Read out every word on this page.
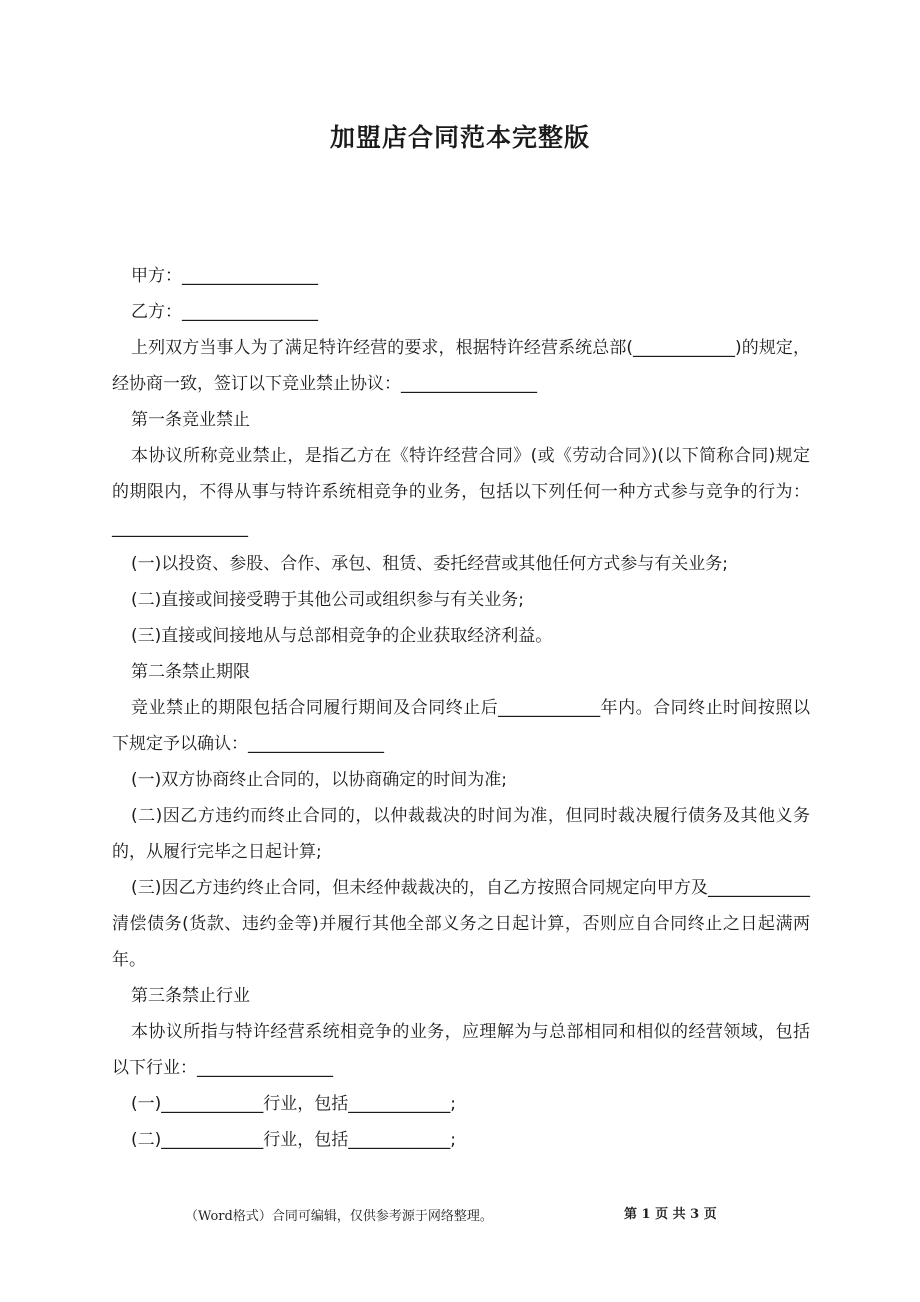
加盟店合同范本完整版

甲方：________________

乙方：________________

上列双方当事人为了满足特许经营的要求，根据特许经营系统总部(____________)的规定，经协商一致，签订以下竞业禁止协议：________________

第一条竞业禁止

本协议所称竞业禁止，是指乙方在《特许经营合同》(或《劳动合同》)(以下简称合同)规定的期限内，不得从事与特许系统相竞争的业务，包括以下列任何一种方式参与竞争的行为：________________

(一)以投资、参股、合作、承包、租赁、委托经营或其他任何方式参与有关业务;

(二)直接或间接受聘于其他公司或组织参与有关业务;

(三)直接或间接地从与总部相竞争的企业获取经济利益。

第二条禁止期限

竞业禁止的期限包括合同履行期间及合同终止后____________年内。合同终止时间按照以下规定予以确认：________________

(一)双方协商终止合同的，以协商确定的时间为准;

(二)因乙方违约而终止合同的，以仲裁裁决的时间为准，但同时裁决履行债务及其他义务的，从履行完毕之日起计算;

(三)因乙方违约终止合同，但未经仲裁裁决的，自乙方按照合同规定向甲方及____________清偿债务(货款、违约金等)并履行其他全部义务之日起计算，否则应自合同终止之日起满两年。

第三条禁止行业

本协议所指与特许经营系统相竞争的业务，应理解为与总部相同和相似的经营领域，包括以下行业：________________

(一)____________行业，包括____________;

(二)____________行业，包括____________;

（Word格式）合同可编辑，仅供参考源于网络整理。	第 1 页 共 3 页
